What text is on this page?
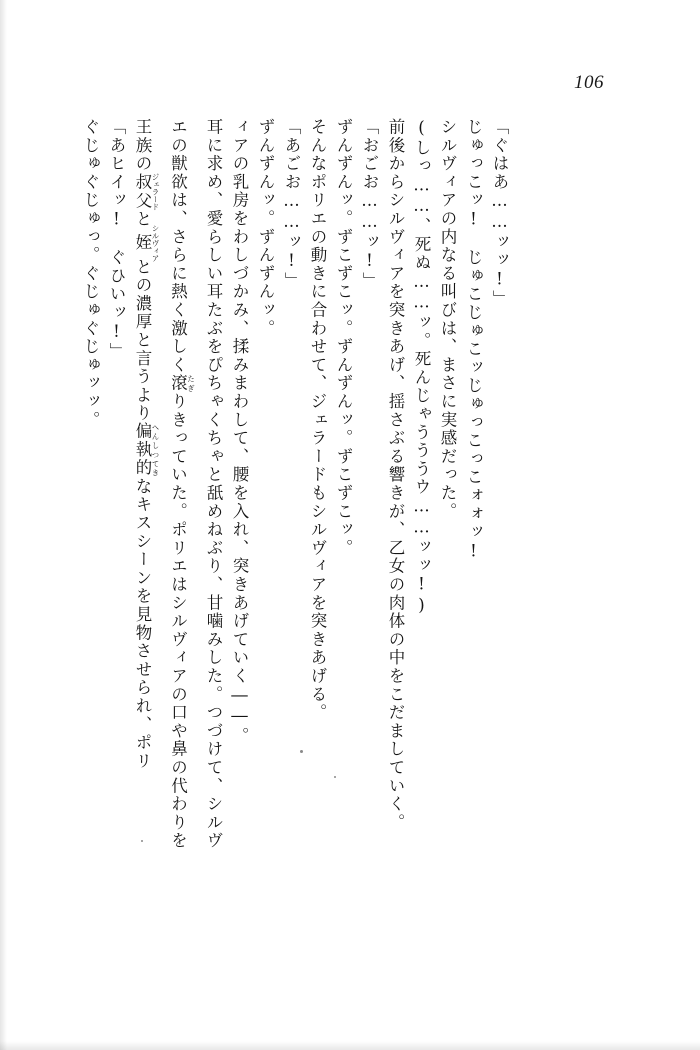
106
ぐじゅぐじゅっ。ぐじゅぐじゅッッ。 「あヒイッ!　ぐひいッ!」 王族の叔父 ジェラードと姪 シルヴィアとの濃厚と言うより偏執的 へんしつてきなキスシーンを見物させられ、ポリ
エの獣欲は、さらに熱く激しく滾 たぎりきっていた。ポリエはシルヴィアの口や鼻の代わりを	耳に求め、愛らしい耳たぶをぴちゃくちゃと舐めねぶり、甘噛みした。つづけて、シルヴ ィアの乳房をわしづかみ、揉みまわして、腰を入れ、突きあげていく――。 ずんずんッ。ずんずんッ。 「あごお……ッ!」 そんなポリエの動きに合わせて、ジェラードもシルヴィアを突きあげる。 ずんずんッ。ずこずこッ。ずんずんッ。ずこずこッ。 「おごお……ッ!」 前後からシルヴィアを突きあげ、揺さぶる響きが、乙女の肉体の中をこだましていく。 (しっ……、死ぬ……ッ。死んじゃうううウ……ッッ!) シルヴィアの内なる叫びは、まさに実感だった。 じゅっこッ!　じゅこじゅこッじゅっこっこォォッ! 「ぐはあ……ッッ!」
